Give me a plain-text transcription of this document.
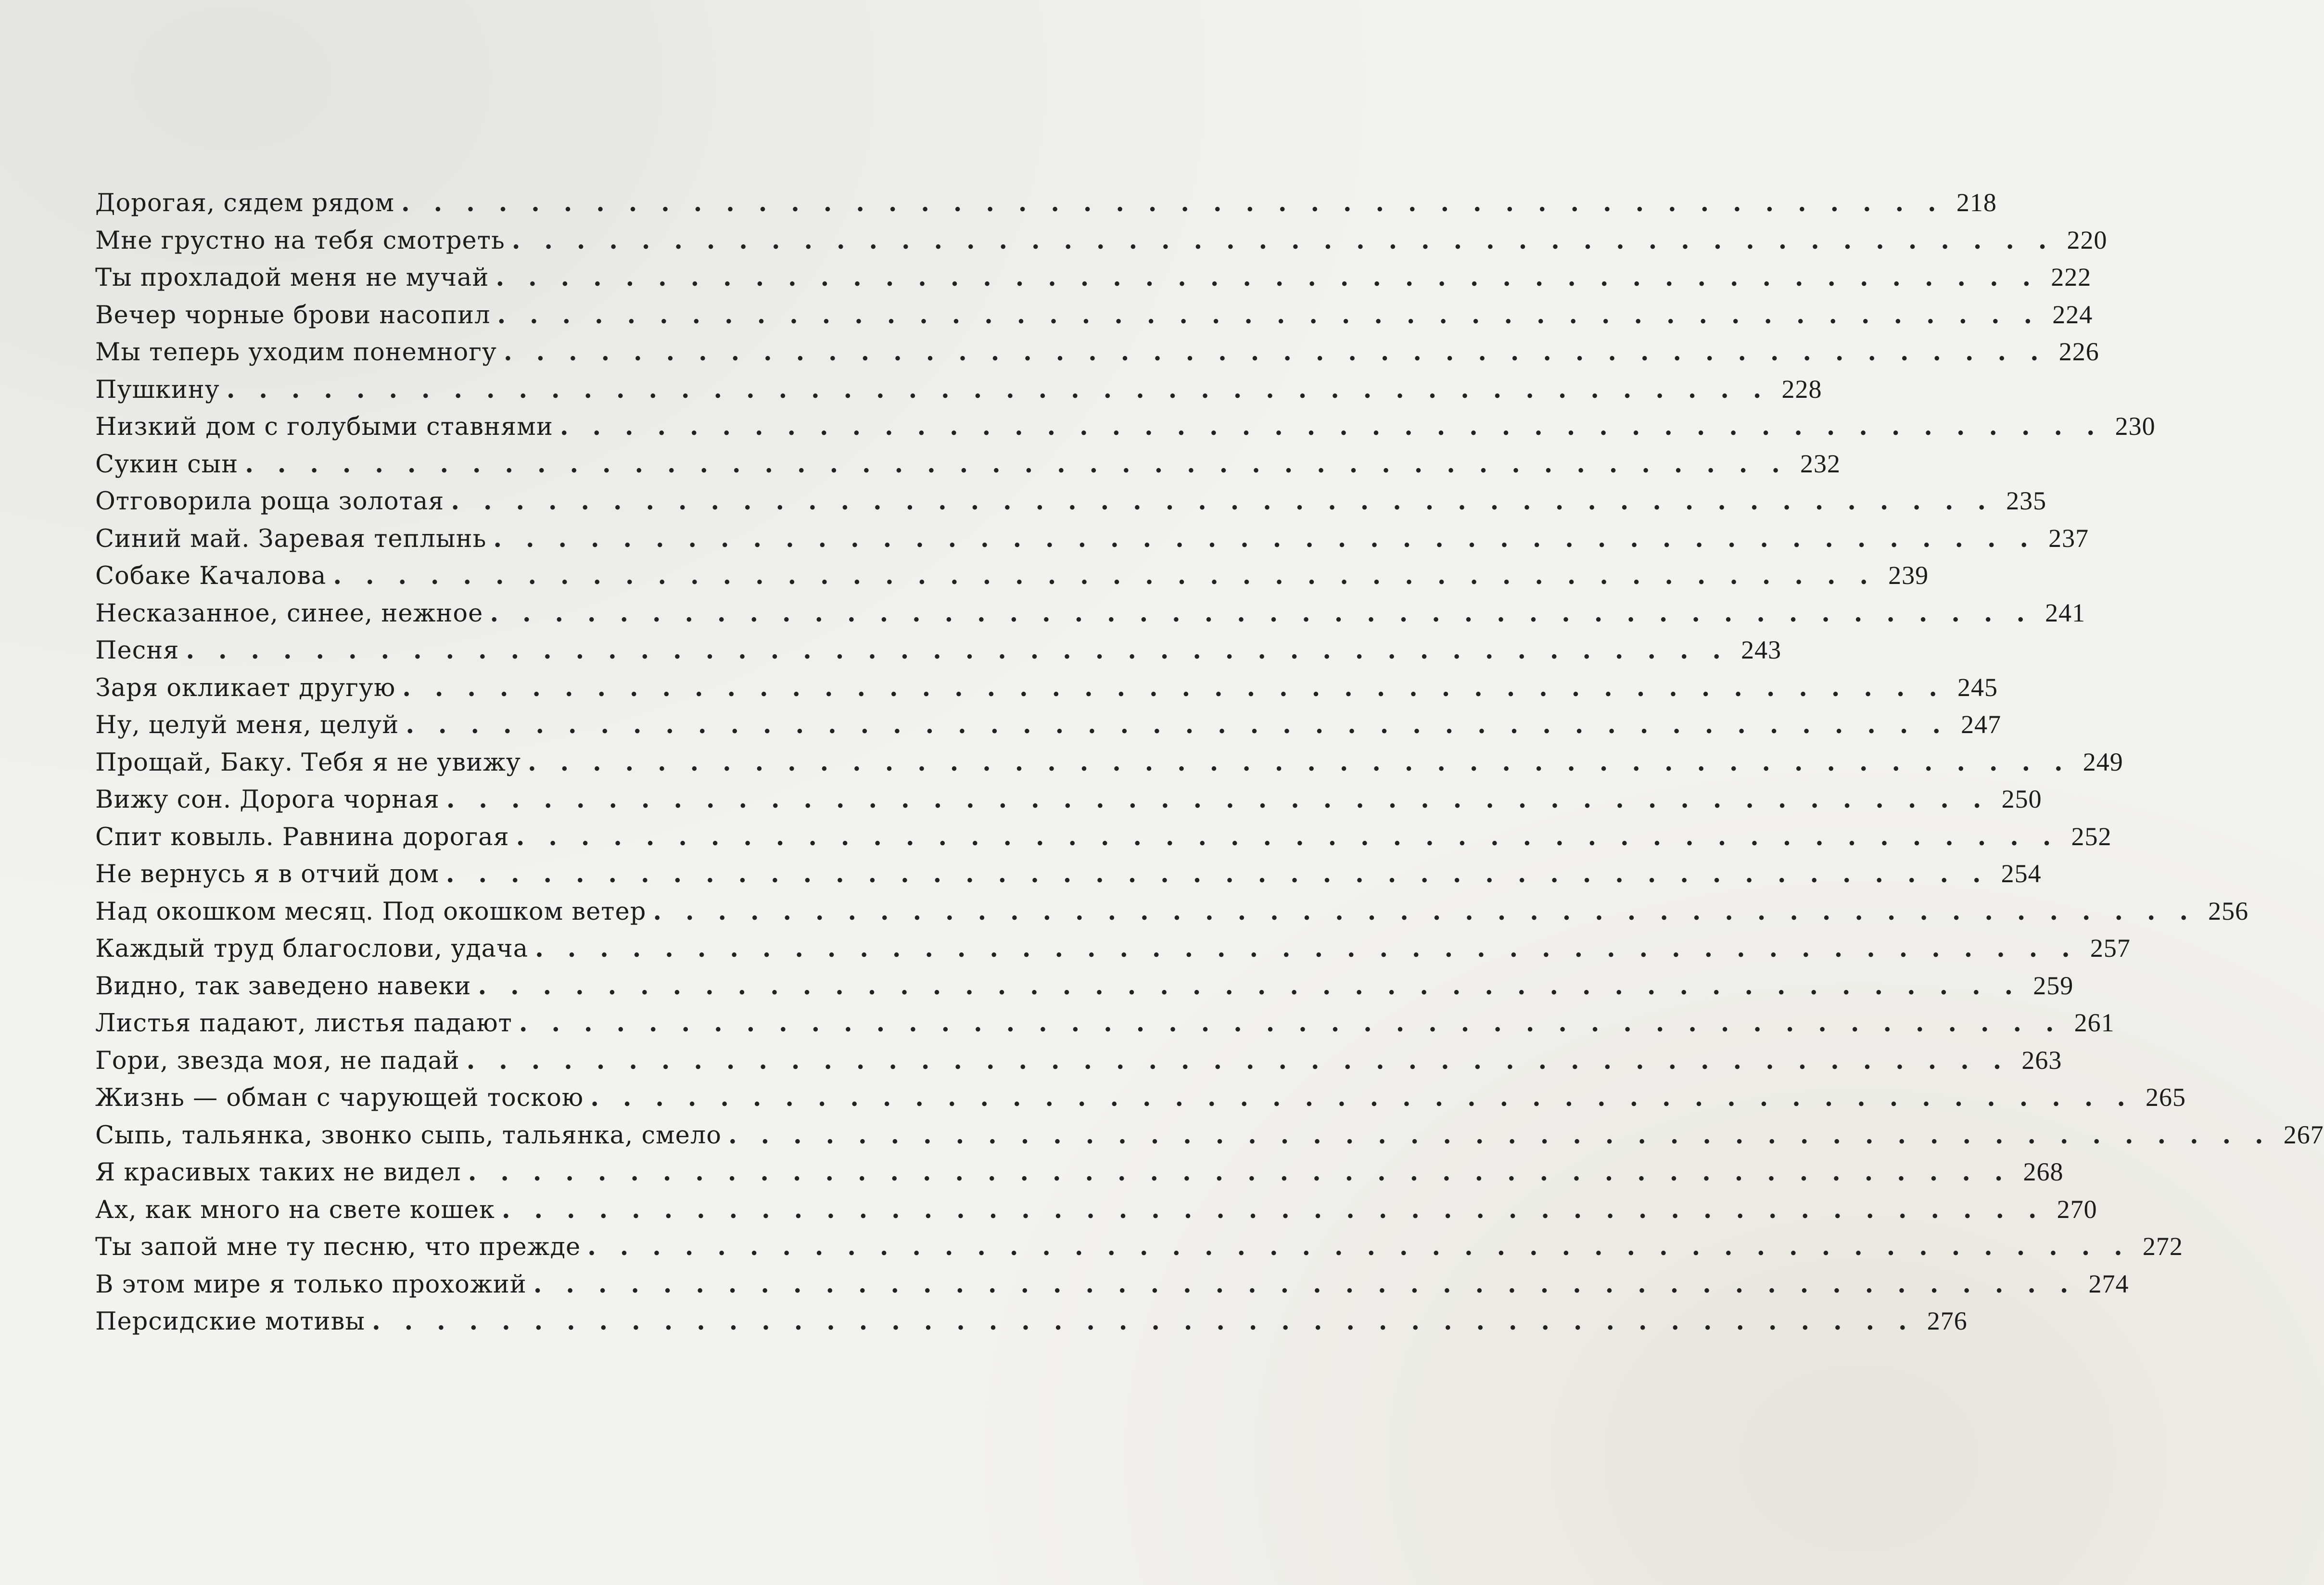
Дорогая, сядем рядом . . . . . . . . . . . . . . . . . . . . . . . . . . . . . . . . . . . . . . . . . . . . . . . . 218
Мне грустно на тебя смотреть . . . . . . . . . . . . . . . . . . . . . . . . . . . . . . . . . . . . . . . . . . . . . . . . 220
Ты прохладой меня не мучай . . . . . . . . . . . . . . . . . . . . . . . . . . . . . . . . . . . . . . . . . . . . . . . . 222
Вечер чорные брови насопил . . . . . . . . . . . . . . . . . . . . . . . . . . . . . . . . . . . . . . . . . . . . . . . . 224
Мы теперь уходим понемногу . . . . . . . . . . . . . . . . . . . . . . . . . . . . . . . . . . . . . . . . . . . . . . . . 226
Пушкину . . . . . . . . . . . . . . . . . . . . . . . . . . . . . . . . . . . . . . . . . . . . . . . . 228
Низкий дом с голубыми ставнями . . . . . . . . . . . . . . . . . . . . . . . . . . . . . . . . . . . . . . . . . . . . . . . . 230
Сукин сын . . . . . . . . . . . . . . . . . . . . . . . . . . . . . . . . . . . . . . . . . . . . . . . . 232
Отговорила роща золотая . . . . . . . . . . . . . . . . . . . . . . . . . . . . . . . . . . . . . . . . . . . . . . . . 235
Синий май. Заревая теплынь . . . . . . . . . . . . . . . . . . . . . . . . . . . . . . . . . . . . . . . . . . . . . . . . 237
Собаке Качалова . . . . . . . . . . . . . . . . . . . . . . . . . . . . . . . . . . . . . . . . . . . . . . . . 239
Несказанное, синее, нежное . . . . . . . . . . . . . . . . . . . . . . . . . . . . . . . . . . . . . . . . . . . . . . . . 241
Песня . . . . . . . . . . . . . . . . . . . . . . . . . . . . . . . . . . . . . . . . . . . . . . . . 243
Заря окликает другую . . . . . . . . . . . . . . . . . . . . . . . . . . . . . . . . . . . . . . . . . . . . . . . . 245
Ну, целуй меня, целуй . . . . . . . . . . . . . . . . . . . . . . . . . . . . . . . . . . . . . . . . . . . . . . . . 247
Прощай, Баку. Тебя я не увижу . . . . . . . . . . . . . . . . . . . . . . . . . . . . . . . . . . . . . . . . . . . . . . . . 249
Вижу сон. Дорога чорная . . . . . . . . . . . . . . . . . . . . . . . . . . . . . . . . . . . . . . . . . . . . . . . . 250
Спит ковыль. Равнина дорогая . . . . . . . . . . . . . . . . . . . . . . . . . . . . . . . . . . . . . . . . . . . . . . . . 252
Не вернусь я в отчий дом . . . . . . . . . . . . . . . . . . . . . . . . . . . . . . . . . . . . . . . . . . . . . . . . 254
Над окошком месяц. Под окошком ветер . . . . . . . . . . . . . . . . . . . . . . . . . . . . . . . . . . . . . . . . . . . . . . . . 256
Каждый труд благослови, удача . . . . . . . . . . . . . . . . . . . . . . . . . . . . . . . . . . . . . . . . . . . . . . . . 257
Видно, так заведено навеки . . . . . . . . . . . . . . . . . . . . . . . . . . . . . . . . . . . . . . . . . . . . . . . . 259
Листья падают, листья падают . . . . . . . . . . . . . . . . . . . . . . . . . . . . . . . . . . . . . . . . . . . . . . . . 261
Гори, звезда моя, не падай . . . . . . . . . . . . . . . . . . . . . . . . . . . . . . . . . . . . . . . . . . . . . . . . 263
Жизнь — обман с чарующей тоскою . . . . . . . . . . . . . . . . . . . . . . . . . . . . . . . . . . . . . . . . . . . . . . . . 265
Сыпь, тальянка, звонко сыпь, тальянка, смело . . . . . . . . . . . . . . . . . . . . . . . . . . . . . . . . . . . . . . . . . . . . . . . . 267
Я красивых таких не видел . . . . . . . . . . . . . . . . . . . . . . . . . . . . . . . . . . . . . . . . . . . . . . . . 268
Ах, как много на свете кошек . . . . . . . . . . . . . . . . . . . . . . . . . . . . . . . . . . . . . . . . . . . . . . . . 270
Ты запой мне ту песню, что прежде . . . . . . . . . . . . . . . . . . . . . . . . . . . . . . . . . . . . . . . . . . . . . . . . 272
В этом мире я только прохожий . . . . . . . . . . . . . . . . . . . . . . . . . . . . . . . . . . . . . . . . . . . . . . . . 274
Персидские мотивы . . . . . . . . . . . . . . . . . . . . . . . . . . . . . . . . . . . . . . . . . . . . . . . . 276
